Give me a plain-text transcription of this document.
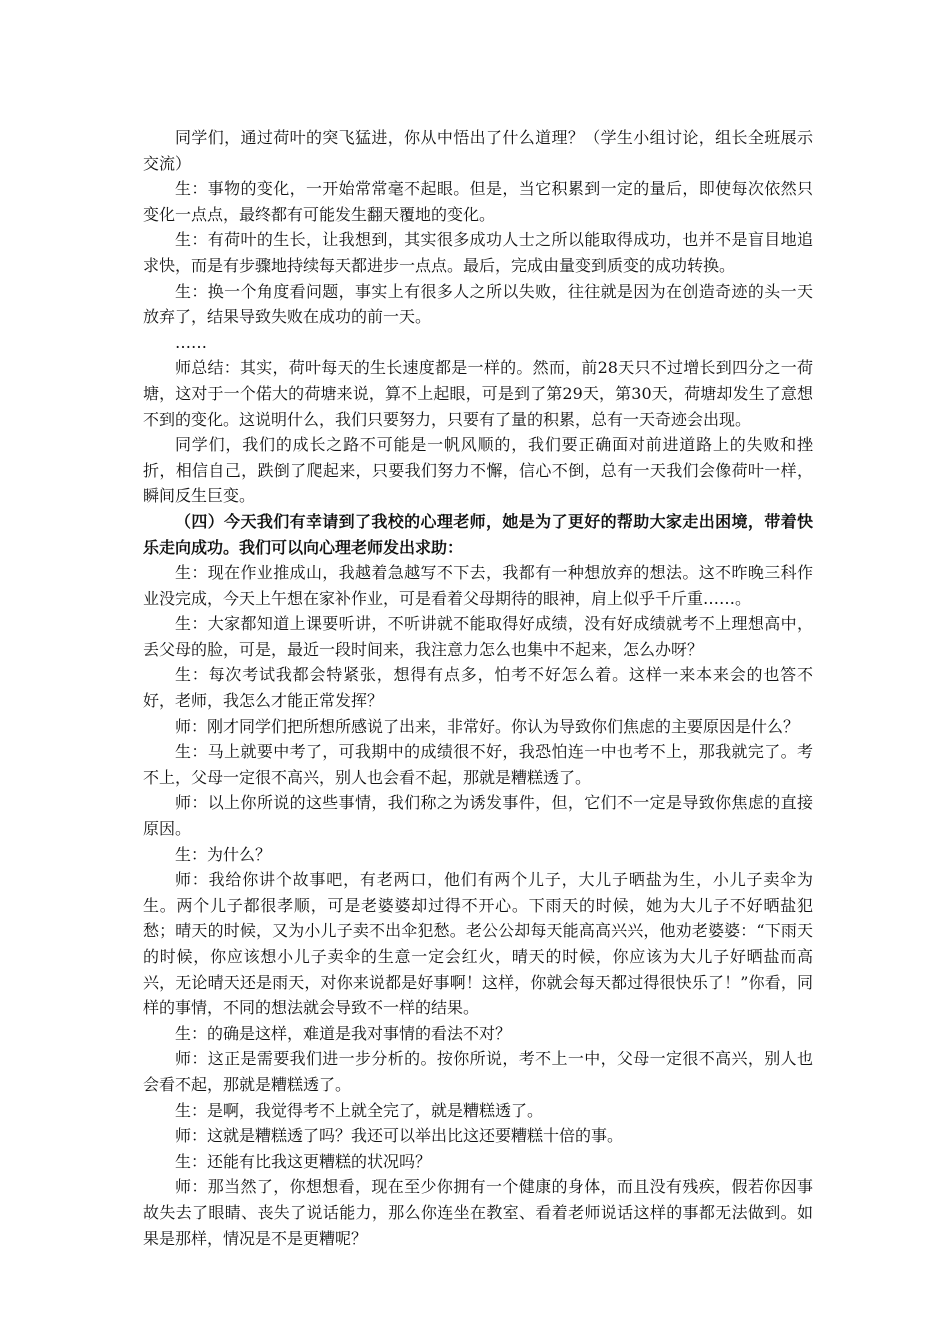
同学们，通过荷叶的突飞猛进，你从中悟出了什么道理？（学生小组讨论，组长全班展示交流）

生：事物的变化，一开始常常毫不起眼。但是，当它积累到一定的量后，即使每次依然只变化一点点，最终都有可能发生翻天覆地的变化。

生：有荷叶的生长，让我想到，其实很多成功人士之所以能取得成功，也并不是盲目地追求快，而是有步骤地持续每天都进步一点点。最后，完成由量变到质变的成功转换。

生：换一个角度看问题，事实上有很多人之所以失败，往往就是因为在创造奇迹的头一天放弃了，结果导致失败在成功的前一天。

……

师总结：其实，荷叶每天的生长速度都是一样的。然而，前28天只不过增长到四分之一荷塘，这对于一个偌大的荷塘来说，算不上起眼，可是到了第29天，第30天，荷塘却发生了意想不到的变化。这说明什么，我们只要努力，只要有了量的积累，总有一天奇迹会出现。

同学们，我们的成长之路不可能是一帆风顺的，我们要正确面对前进道路上的失败和挫折，相信自己，跌倒了爬起来，只要我们努力不懈，信心不倒，总有一天我们会像荷叶一样，瞬间反生巨变。

（四）今天我们有幸请到了我校的心理老师，她是为了更好的帮助大家走出困境，带着快乐走向成功。我们可以向心理老师发出求助：

生：现在作业推成山，我越着急越写不下去，我都有一种想放弃的想法。这不昨晚三科作业没完成，今天上午想在家补作业，可是看着父母期待的眼神，肩上似乎千斤重……。

生：大家都知道上课要听讲，不听讲就不能取得好成绩，没有好成绩就考不上理想高中，丢父母的脸，可是，最近一段时间来，我注意力怎么也集中不起来，怎么办呀？

生：每次考试我都会特紧张，想得有点多，怕考不好怎么着。这样一来本来会的也答不好，老师，我怎么才能正常发挥？

师：刚才同学们把所想所感说了出来，非常好。你认为导致你们焦虑的主要原因是什么？

生：马上就要中考了，可我期中的成绩很不好，我恐怕连一中也考不上，那我就完了。考不上，父母一定很不高兴，别人也会看不起，那就是糟糕透了。

师：以上你所说的这些事情，我们称之为诱发事件，但，它们不一定是导致你焦虑的直接原因。

生：为什么？

师：我给你讲个故事吧，有老两口，他们有两个儿子，大儿子晒盐为生，小儿子卖伞为生。两个儿子都很孝顺，可是老婆婆却过得不开心。下雨天的时候，她为大儿子不好晒盐犯愁；晴天的时候，又为小儿子卖不出伞犯愁。老公公却每天能高高兴兴，他劝老婆婆：“下雨天的时候，你应该想小儿子卖伞的生意一定会红火，晴天的时候，你应该为大儿子好晒盐而高兴，无论晴天还是雨天，对你来说都是好事啊！这样，你就会每天都过得很快乐了！”你看，同样的事情，不同的想法就会导致不一样的结果。

生：的确是这样，难道是我对事情的看法不对？

师：这正是需要我们进一步分析的。按你所说，考不上一中，父母一定很不高兴，别人也会看不起，那就是糟糕透了。

生：是啊，我觉得考不上就全完了，就是糟糕透了。

师：这就是糟糕透了吗？我还可以举出比这还要糟糕十倍的事。

生：还能有比我这更糟糕的状况吗？

师：那当然了，你想想看，现在至少你拥有一个健康的身体，而且没有残疾，假若你因事故失去了眼睛、丧失了说话能力，那么你连坐在教室、看着老师说话这样的事都无法做到。如果是那样，情况是不是更糟呢？
